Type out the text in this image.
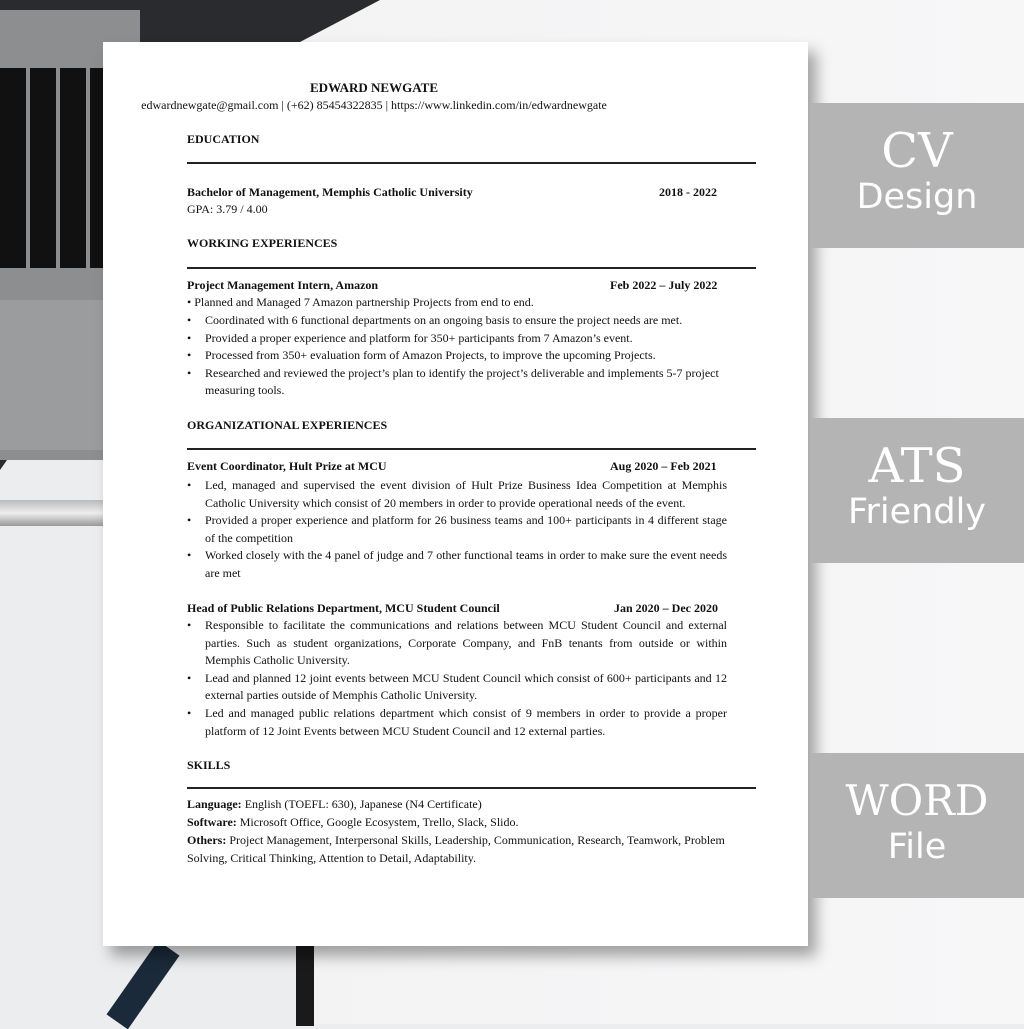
EDWARD NEWGATE
edwardnewgate@gmail.com | (+62) 85454322835 | https://www.linkedin.com/in/edwardnewgate
EDUCATION
Bachelor of Management, Memphis Catholic University	2018 - 2022
GPA: 3.79 / 4.00
WORKING EXPERIENCES
Project Management Intern, Amazon	Feb 2022 – July 2022
• Planned and Managed 7 Amazon partnership Projects from end to end.
• Coordinated with 6 functional departments on an ongoing basis to ensure the project needs are met.
• Provided a proper experience and platform for 350+ participants from 7 Amazon’s event.
• Processed from 350+ evaluation form of Amazon Projects, to improve the upcoming Projects.
• Researched and reviewed the project’s plan to identify the project’s deliverable and implements 5-7 project measuring tools.
ORGANIZATIONAL EXPERIENCES
Event Coordinator, Hult Prize at MCU	Aug 2020 – Feb 2021
• Led, managed and supervised the event division of Hult Prize Business Idea Competition at Memphis Catholic University which consist of 20 members in order to provide operational needs of the event.
• Provided a proper experience and platform for 26 business teams and 100+ participants in 4 different stage of the competition
• Worked closely with the 4 panel of judge and 7 other functional teams in order to make sure the event needs are met
Head of Public Relations Department, MCU Student Council	Jan 2020 – Dec 2020
• Responsible to facilitate the communications and relations between MCU Student Council and external parties. Such as student organizations, Corporate Company, and FnB tenants from outside or within Memphis Catholic University.
• Lead and planned 12 joint events between MCU Student Council which consist of 600+ participants and 12 external parties outside of Memphis Catholic University.
• Led and managed public relations department which consist of 9 members in order to provide a proper platform of 12 Joint Events between MCU Student Council and 12 external parties.
SKILLS
Language: English (TOEFL: 630), Japanese (N4 Certificate)
Software: Microsoft Office, Google Ecosystem, Trello, Slack, Slido.
Others: Project Management, Interpersonal Skills, Leadership, Communication, Research, Teamwork, Problem Solving, Critical Thinking, Attention to Detail, Adaptability.
CV
Design
ATS
Friendly
WORD
File
